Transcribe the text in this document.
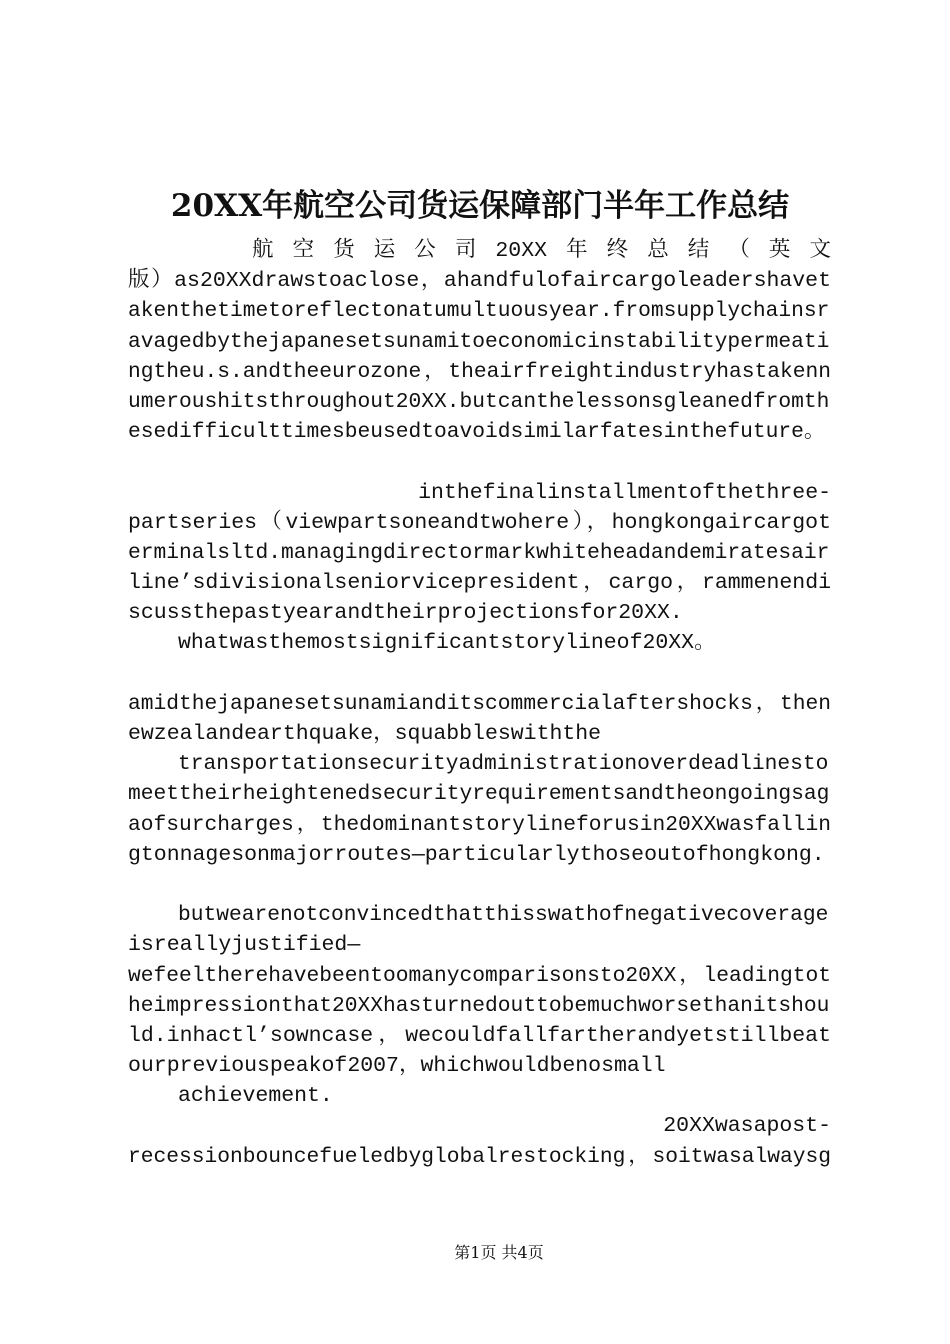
20XX年航空公司货运保障部门半年工作总结
航空货运公司20XX年终总结（英文
版）as20XXdrawstoaclose，ahandfulofaircargoleadershavet
akenthetimetoreflectonatumultuousyear.fromsupplychainsr
avagedbythejapanesetsunamitoeconomicinstabilitypermeati
ngtheu.s.andtheeurozone，theairfreightindustryhastakenn
umeroushitsthroughout20XX.butcanthelessonsgleanedfromth
esedifficulttimesbeusedtoavoidsimilarfatesinthefuture。
inthefinalinstallmentofthethree-
partseries（viewpartsoneandtwohere），hongkongaircargot
erminalsltd.managingdirectormarkwhiteheadandemiratesair
line’sdivisionalseniorvicepresident，cargo，rammenendi
scussthepastyearandtheirprojectionsfor20XX.
whatwasthemostsignificantstorylineof20XX。

amidthejapanesetsunamianditscommercialaftershocks，then
ewzealandearthquake，squabbleswiththe
transportationsecurityadministrationoverdeadlinesto
meettheirheightenedsecurityrequirementsandtheongoingsag
aofsurcharges，thedominantstorylineforusin20XXwasfallin
gtonnagesonmajorroutes—particularlythoseoutofhongkong.
butwearenotconvincedthatthisswathofnegativecoverage
isreallyjustified—
wefeeltherehavebeentoomanycomparisonsto20XX，leadingtot
heimpressionthat20XXhasturnedouttobemuchworsethanitshou
ld.inhactl’sowncase，wecouldfallfartherandyetstillbeat
ourpreviouspeakof2007，whichwouldbenosmall
achievement.
20XXwasapost-
recessionbouncefueledbyglobalrestocking，soitwasalwaysg
第1页 共4页
